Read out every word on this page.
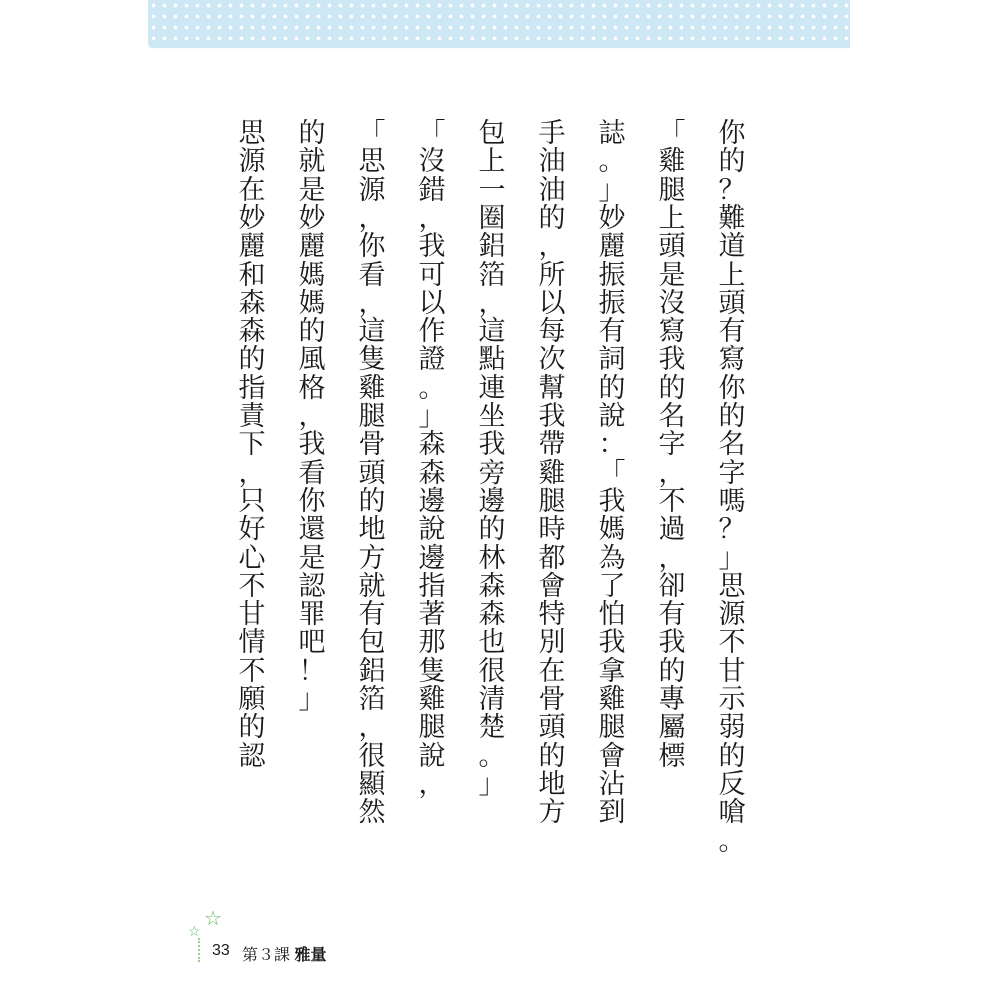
你
的
？
難
道
上
頭
有
寫
你
的
名
字
嗎
？
」
思
源
不
甘
示
弱
的
反
嗆
。
「
雞
腿
上
頭
是
沒
寫
我
的
名
字
，
不
過
，
卻
有
我
的
專
屬
標
誌
。
」
妙
麗
振
振
有
詞
的
說
：
「
我
媽
為
了
怕
我
拿
雞
腿
會
沾
到
手
油
油
的
，
所
以
每
次
幫
我
帶
雞
腿
時
都
會
特
別
在
骨
頭
的
地
方
包
上
一
圈
鋁
箔
，
這
點
連
坐
我
旁
邊
的
林
森
森
也
很
清
楚
。
」
「
沒
錯
，
我
可
以
作
證
。
」
森
森
邊
說
邊
指
著
那
隻
雞
腿
說
，
「
思
源
，
你
看
，
這
隻
雞
腿
骨
頭
的
地
方
就
有
包
鋁
箔
，
很
顯
然
的
就
是
妙
麗
媽
媽
的
風
格
，
我
看
你
還
是
認
罪
吧
！
」
思
源
在
妙
麗
和
森
森
的
指
責
下
，
只
好
心
不
甘
情
不
願
的
認
☆
☆
33 第３課 雅量
